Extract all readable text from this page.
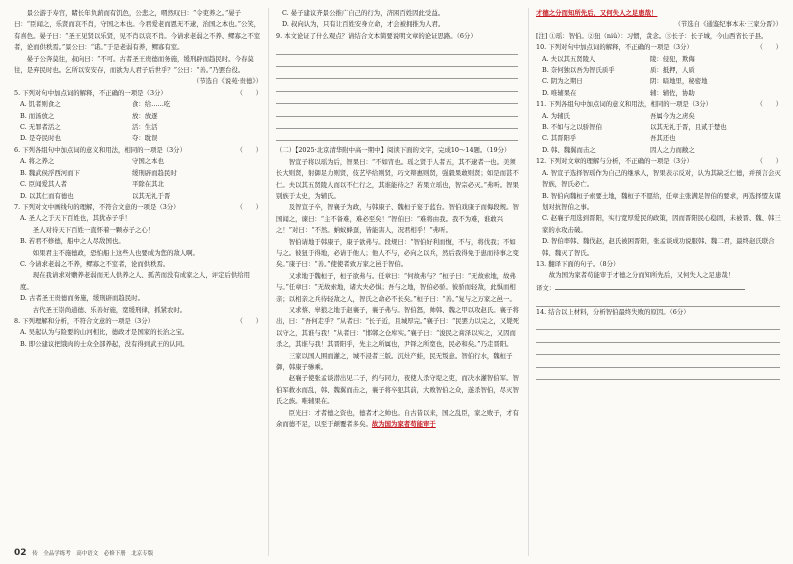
景公游于寿宫，睹长年负薪而有饥色，公悲之，喟然叹曰：“令吏养之。”晏子曰：“臣闻之，乐贤而哀不肖，守国之本也。今君爱老而恩无不逮，治国之本也。”公笑，有喜色。晏子曰：“圣王见贤以乐贤，见不肖以哀不肖。今请求老弱之不养、鳏寡之不室者，论而供秩焉。”景公曰：“诺。”于是老弱有养，鳏寡有室。

晏子公奔莫往，叔向曰：“不可。古者圣王贵德而务施，缓刑辟而趋民时。今春莫往，是弃民时也。乞所以安安存，而欲为人君子后世乎？”公曰：“善。”乃罢台役。

（节选自《说苑·贵德》）

5. 下列对句中加点词的解释，不正确的一项是（3分）	（　　）
A. 饥者则食之	食：给……吃
B. 而汤放之	放：放逐
C. 无罪者活之	活：生活
D. 是夺民时也	夺：耽误
6. 下列各组句中加点词的意义和用法，相同的一项是（3分）	（　　）
A. 将之养之	守国之本也
B. 魏武侯浮西河而下	缓刑辟而趋民时
C. 臣闻爱其人者	平除在其北
D. 以其仁而有德也	以其无礼于晋
7. 下列对文中画线句的理解，不符合文意的一项是（3分）	（　　）

A. 圣人之于天下百姓也，其犹赤子乎！

　　圣人对待天下百姓一直怀着一颗赤子之心！

B. 若君不修德，船中之人尽敌国也。

　　如果君主不施德政，恐怕船上这些人也要成为您的敌人啊。

C. 今请求老弱之不养，鳏寡之不室者，论而供秩焉。

　　现在我请求对赡养老弱而无人供养之人、孤苦而没有成家之人，评定后供给用度。

D. 古者圣王贵德而务施，缓刑辟而趋民时。

　　古代圣王崇尚道德、乐善好施，宽缓刑律，抓紧农时。

8. 下列理解和分析，不符合文意的一项是（3分）	（　　）

A. 吴起认为与险要的山河相比，德政才是国家的长治之宝。

B. 即公建议把饿肉的士众全部养起，没有得到武王的认同。

C. 晏子建议齐景公推广自己的行为，济困百姓因此受益。

D. 叔向认为，只有让百姓安身立命，才会被拥推为人君。

9. 本文论证了什么观点？请结合文本简要说明文章的论证思路。（6分）

（二）【2025·北京清华附中高一期中】阅读下面的文字，完成10～14题。（19分）

智宣子将以瑶为后，智果曰：“不如宵也。瑶之贤于人者五，其不逮者一也。美须长大则贤，射御足力则贤，伎艺毕给则贤，巧文辩惠则贤，强毅果敢则贤；如是而甚不仁。夫以其五贤陵人而以不仁行之，其谁能待之？若果立瑶也，智宗必灭。”弗听。智果别族于太史，为辅氏。

及智宣子卒，智襄子为政，与韩康子、魏桓子宴于蓝台。智伯戏康子而侮段规。智国闻之，谏曰：“主不备难，难必至矣！”智伯曰：“难将由我。我不为难，谁敢兴之！”对曰：“不然。蚋蚁蜂虿，皆能害人，况君相乎！”弗听。

智伯请地于韩康子，康子欲弗与。段规曰：“智伯好利而愎，不与，将伐我；不如与之。彼狃于得地，必请于他人；他人不与，必向之以兵，然后我得免于患而待事之变矣。”康子曰：“善。”使使者致万家之邑于智伯。

又求地于魏桓子，桓子欲弗与。任章曰：“何故弗与？”桓子曰：“无故索地，故弗与。”任章曰：“无故索地，诸大夫必惧；吾与之地，智伯必骄。彼骄而轻敌，此惧而相亲；以相亲之兵待轻敌之人，智氏之命必不长矣。”桓子曰：“善。”复与之万家之邑一。

又求蔡、皋狼之地于赵襄子，襄子弗与。智伯怒，帅韩、魏之甲以攻赵氏。襄子将出，曰：“吾何走乎？”从者曰：“长子近，且城厚完。”襄子曰：“民罢力以完之，又毙死以守之，其谁与我！”从者曰：“邯郸之仓库实。”襄子曰：“浚民之膏泽以实之，又因而杀之，其谁与我！其晋阳乎，先主之所属也，尹铎之所宽也，民必和矣。”乃走晋阳。

三家以国人围而灌之，城不浸者三版。沉灶产蛙，民无叛意。智伯行水，魏桓子御，韩康子骖乘。

赵襄子使张孟谈潜出见二子，约与同力，夜使人杀守堤之吏，而决水灌智伯军。智伯军救水而乱，韩、魏翼而击之，襄子将卒犯其前，大败智伯之众，遂杀智伯，尽灭智氏之族。唯辅果在。

臣光曰：才者德之资也，德者才之帅也。自古昔以来，国之乱臣，家之败子，才有余而德不足，以至于颠覆者多矣。故为国为家者苟能审于

才德之分而知所先后，又何失人之足患哉！

（节选自《通鉴纪事本末·三家分晋》）

[注] ①瑶：智伯。②狃（niǔ）：习惯，贪念。③长子：长子城，今山西省长子县。

10. 下列对句中加点词的解释，不正确的一项是（3分）	（　　）
A. 夫以其五贤陵人	陵：侵犯，欺侮
B. 奈何独以吾为智氏质乎	质：抵押，人质
C. 阴为之期日	阴：暗地里，秘密地
D. 唯辅果在	辅：辅佐，协助
11. 下列各组句中加点词的意义和用法，相同的一项是（3分）	（　　）
A. 为辅氏	吾属今为之虏矣
B. 不如与之以骄智伯	以其无礼于晋，且贰于楚也
C. 其晋阳乎	吾其还也
D. 韩、魏翼而击之	因人之力而敝之
12. 下列对文章的理解与分析，不正确的一项是（3分）	（　　）

A. 智宣子选择智瑶作为自己的继承人，智果表示反对，认为其缺乏仁德，并预言会灭智族，智氏必亡。

B. 智伯向魏桓子索要土地，魏桓子不愿给，任章主张满足智伯的要求，再选择盟友谋划对抗智伯之事。

C. 赵襄子用选到晋阳，实行宽厚爱民的政策，因而晋阳民心稳固，未被晋、魏、韩三家的水攻击破。

D. 智伯率韩、魏伐赵，赵氏被困晋阳，张孟谈成功说服韩、魏二君，最终赵氏联合韩、魏灭了智氏。

13. 翻译下面的句子。（8分）

故为国为家者苟能审于才德之分而知所先后，又何失人之足患哉！

译文：

14. 结合以上材料，分析智伯最终失败的原因。（6分）

02 传　全品学练考　高中语文　必修下册　北京专版
